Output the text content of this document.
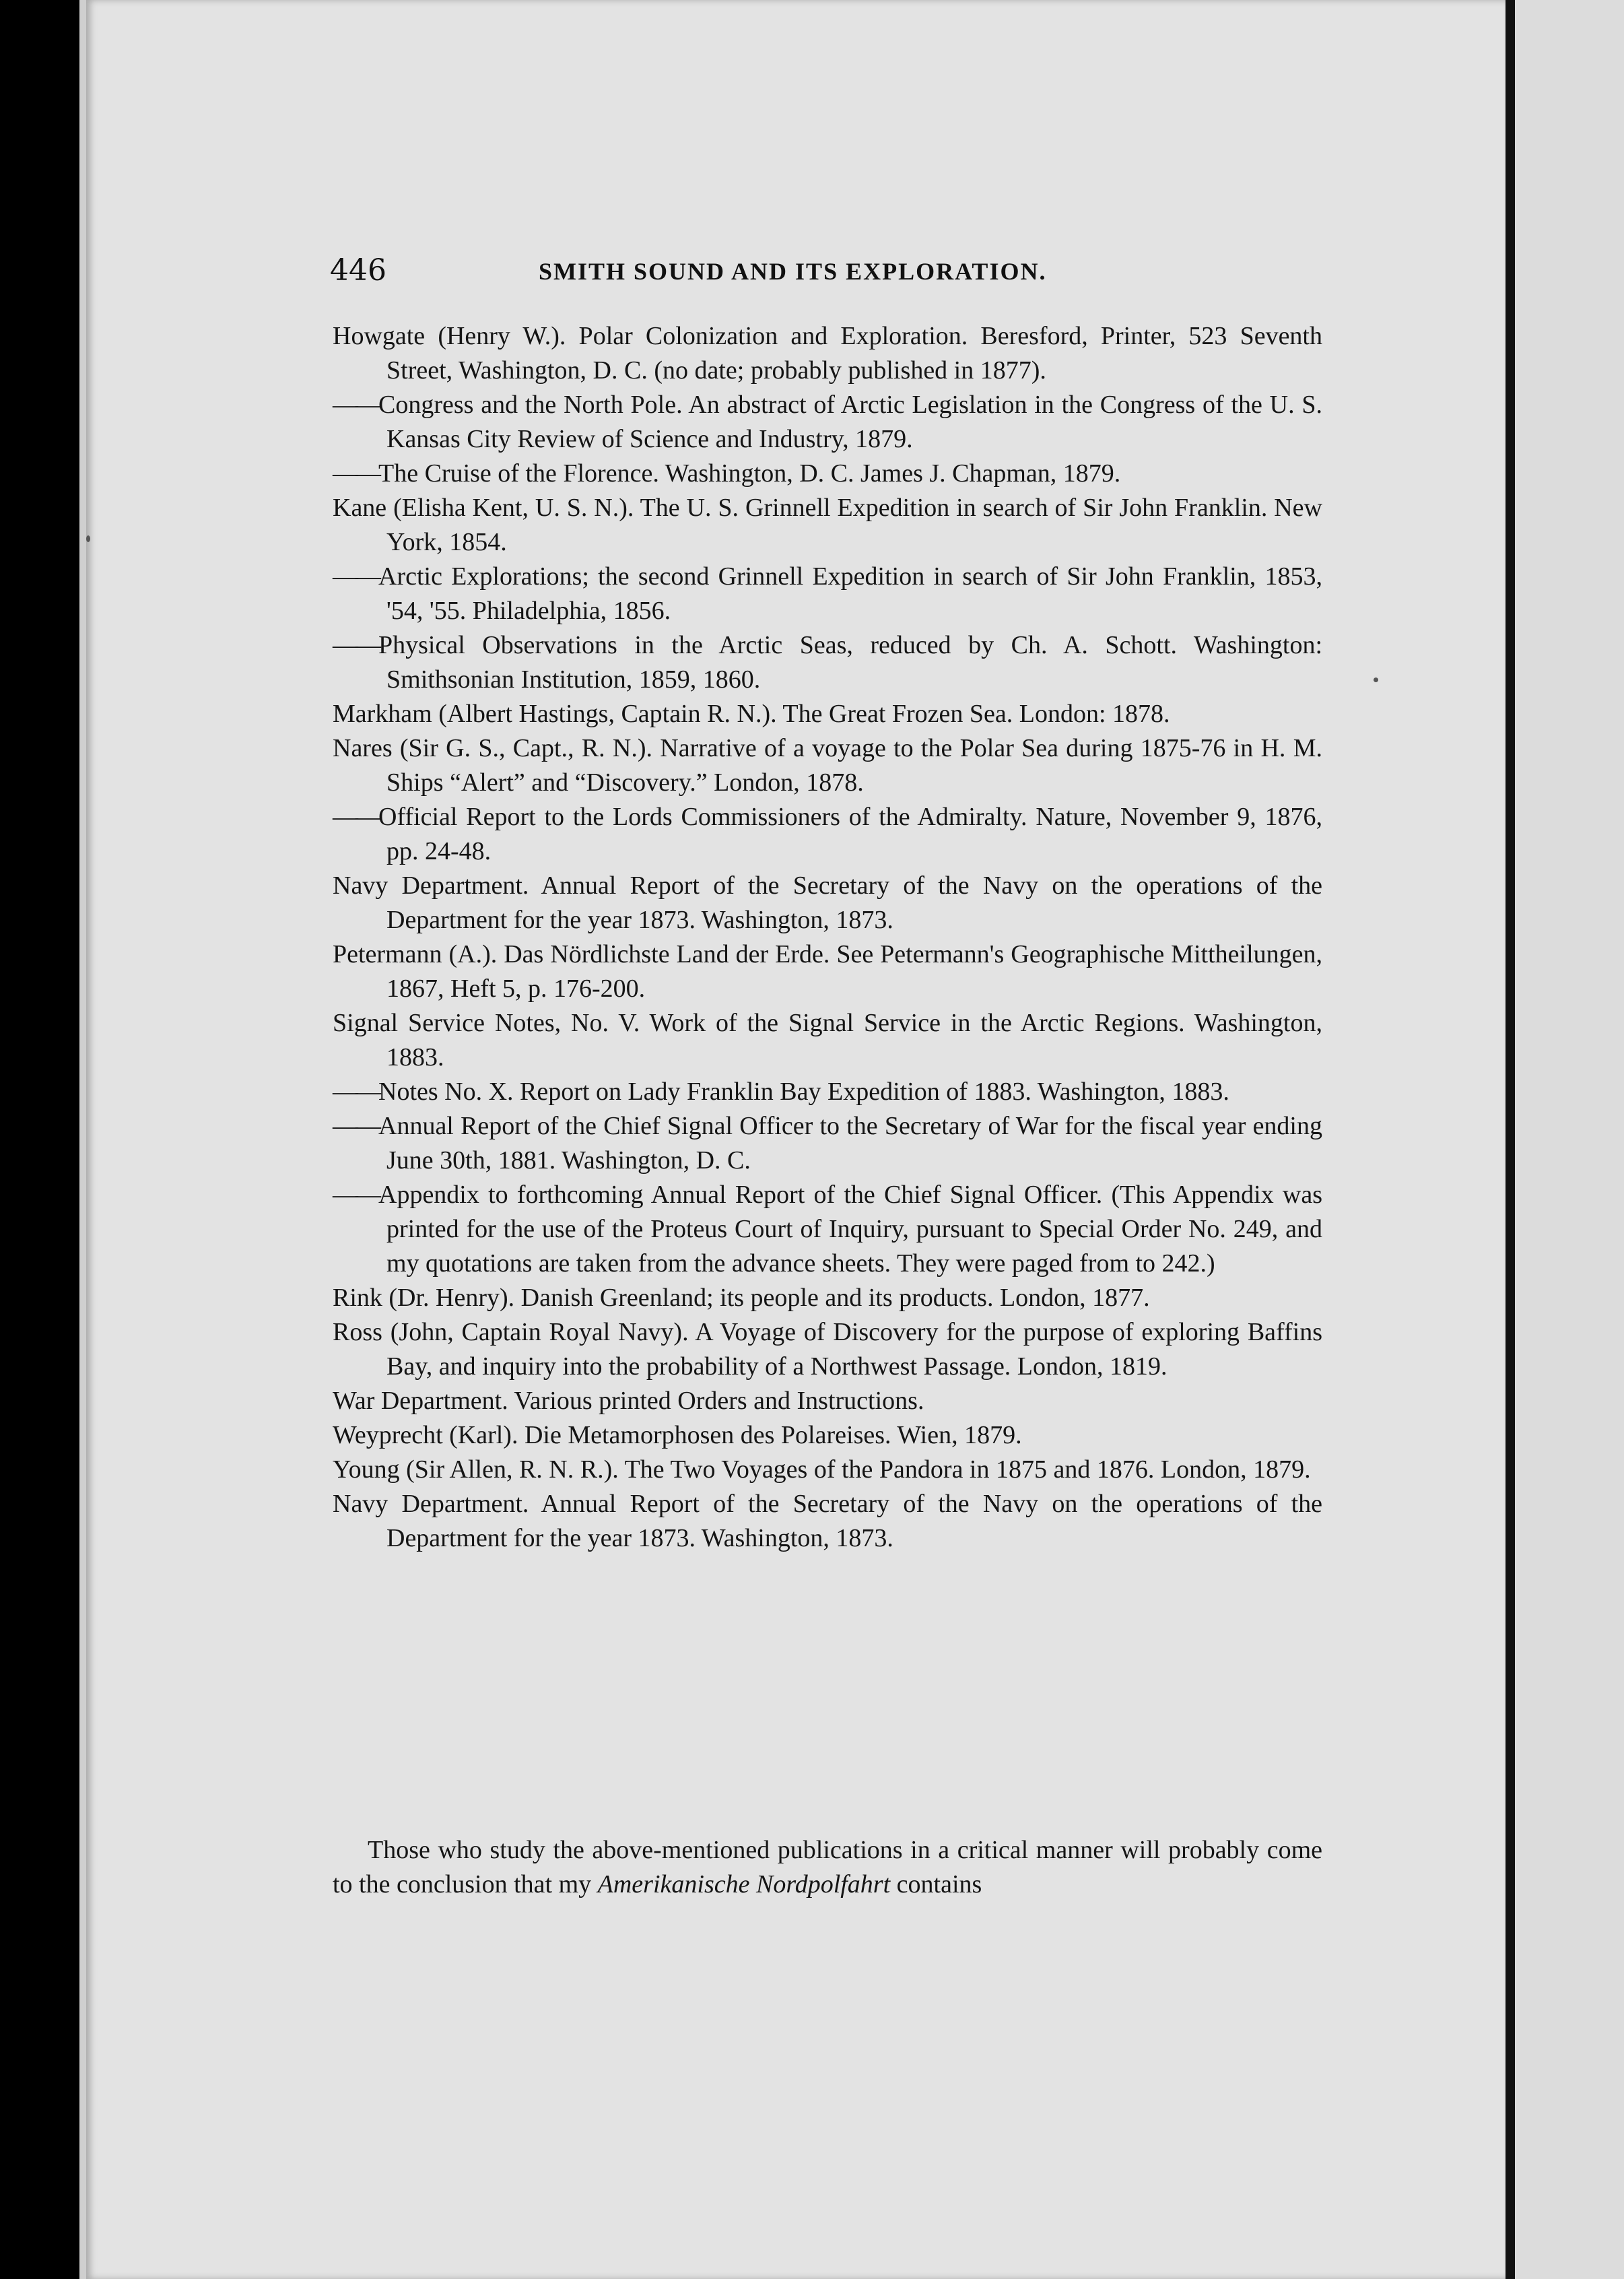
446	SMITH SOUND AND ITS EXPLORATION.

Howgate (Henry W.). Polar Colonization and Exploration. Beresford, Printer, 523 Seventh Street, Washington, D. C. (no date; probably published in 1877).

——Congress and the North Pole. An abstract of Arctic Legislation in the Congress of the U. S. Kansas City Review of Science and Industry, 1879.

——The Cruise of the Florence. Washington, D. C. James J. Chapman, 1879.

Kane (Elisha Kent, U. S. N.). The U. S. Grinnell Expedition in search of Sir John Franklin. New York, 1854.

——Arctic Explorations; the second Grinnell Expedition in search of Sir John Franklin, 1853, '54, '55. Philadelphia, 1856.

——Physical Observations in the Arctic Seas, reduced by Ch. A. Schott. Washington: Smithsonian Institution, 1859, 1860.

Markham (Albert Hastings, Captain R. N.). The Great Frozen Sea. London: 1878.

Nares (Sir G. S., Capt., R. N.). Narrative of a voyage to the Polar Sea during 1875-76 in H. M. Ships “Alert” and “Discovery.” London, 1878.

——Official Report to the Lords Commissioners of the Admiralty. Nature, November 9, 1876, pp. 24-48.

Navy Department. Annual Report of the Secretary of the Navy on the operations of the Department for the year 1873. Washington, 1873.

Petermann (A.). Das Nördlichste Land der Erde. See Petermann's Geographische Mittheilungen, 1867, Heft 5, p. 176-200.

Signal Service Notes, No. V. Work of the Signal Service in the Arctic Regions. Washington, 1883.

——Notes No. X. Report on Lady Franklin Bay Expedition of 1883. Washington, 1883.

——Annual Report of the Chief Signal Officer to the Secretary of War for the fiscal year ending June 30th, 1881. Washington, D. C.

——Appendix to forthcoming Annual Report of the Chief Signal Officer. (This Appendix was printed for the use of the Proteus Court of Inquiry, pursuant to Special Order No. 249, and my quotations are taken from the advance sheets. They were paged from to 242.)

Rink (Dr. Henry). Danish Greenland; its people and its products. London, 1877.

Ross (John, Captain Royal Navy). A Voyage of Discovery for the purpose of exploring Baffins Bay, and inquiry into the probability of a Northwest Passage. London, 1819.

War Department. Various printed Orders and Instructions.

Weyprecht (Karl). Die Metamorphosen des Polareises. Wien, 1879.

Young (Sir Allen, R. N. R.). The Two Voyages of the Pandora in 1875 and 1876. London, 1879.

Navy Department. Annual Report of the Secretary of the Navy on the operations of the Department for the year 1873. Washington, 1873.

Those who study the above-mentioned publications in a critical manner will probably come to the conclusion that my Amerikanische Nordpolfahrt contains
